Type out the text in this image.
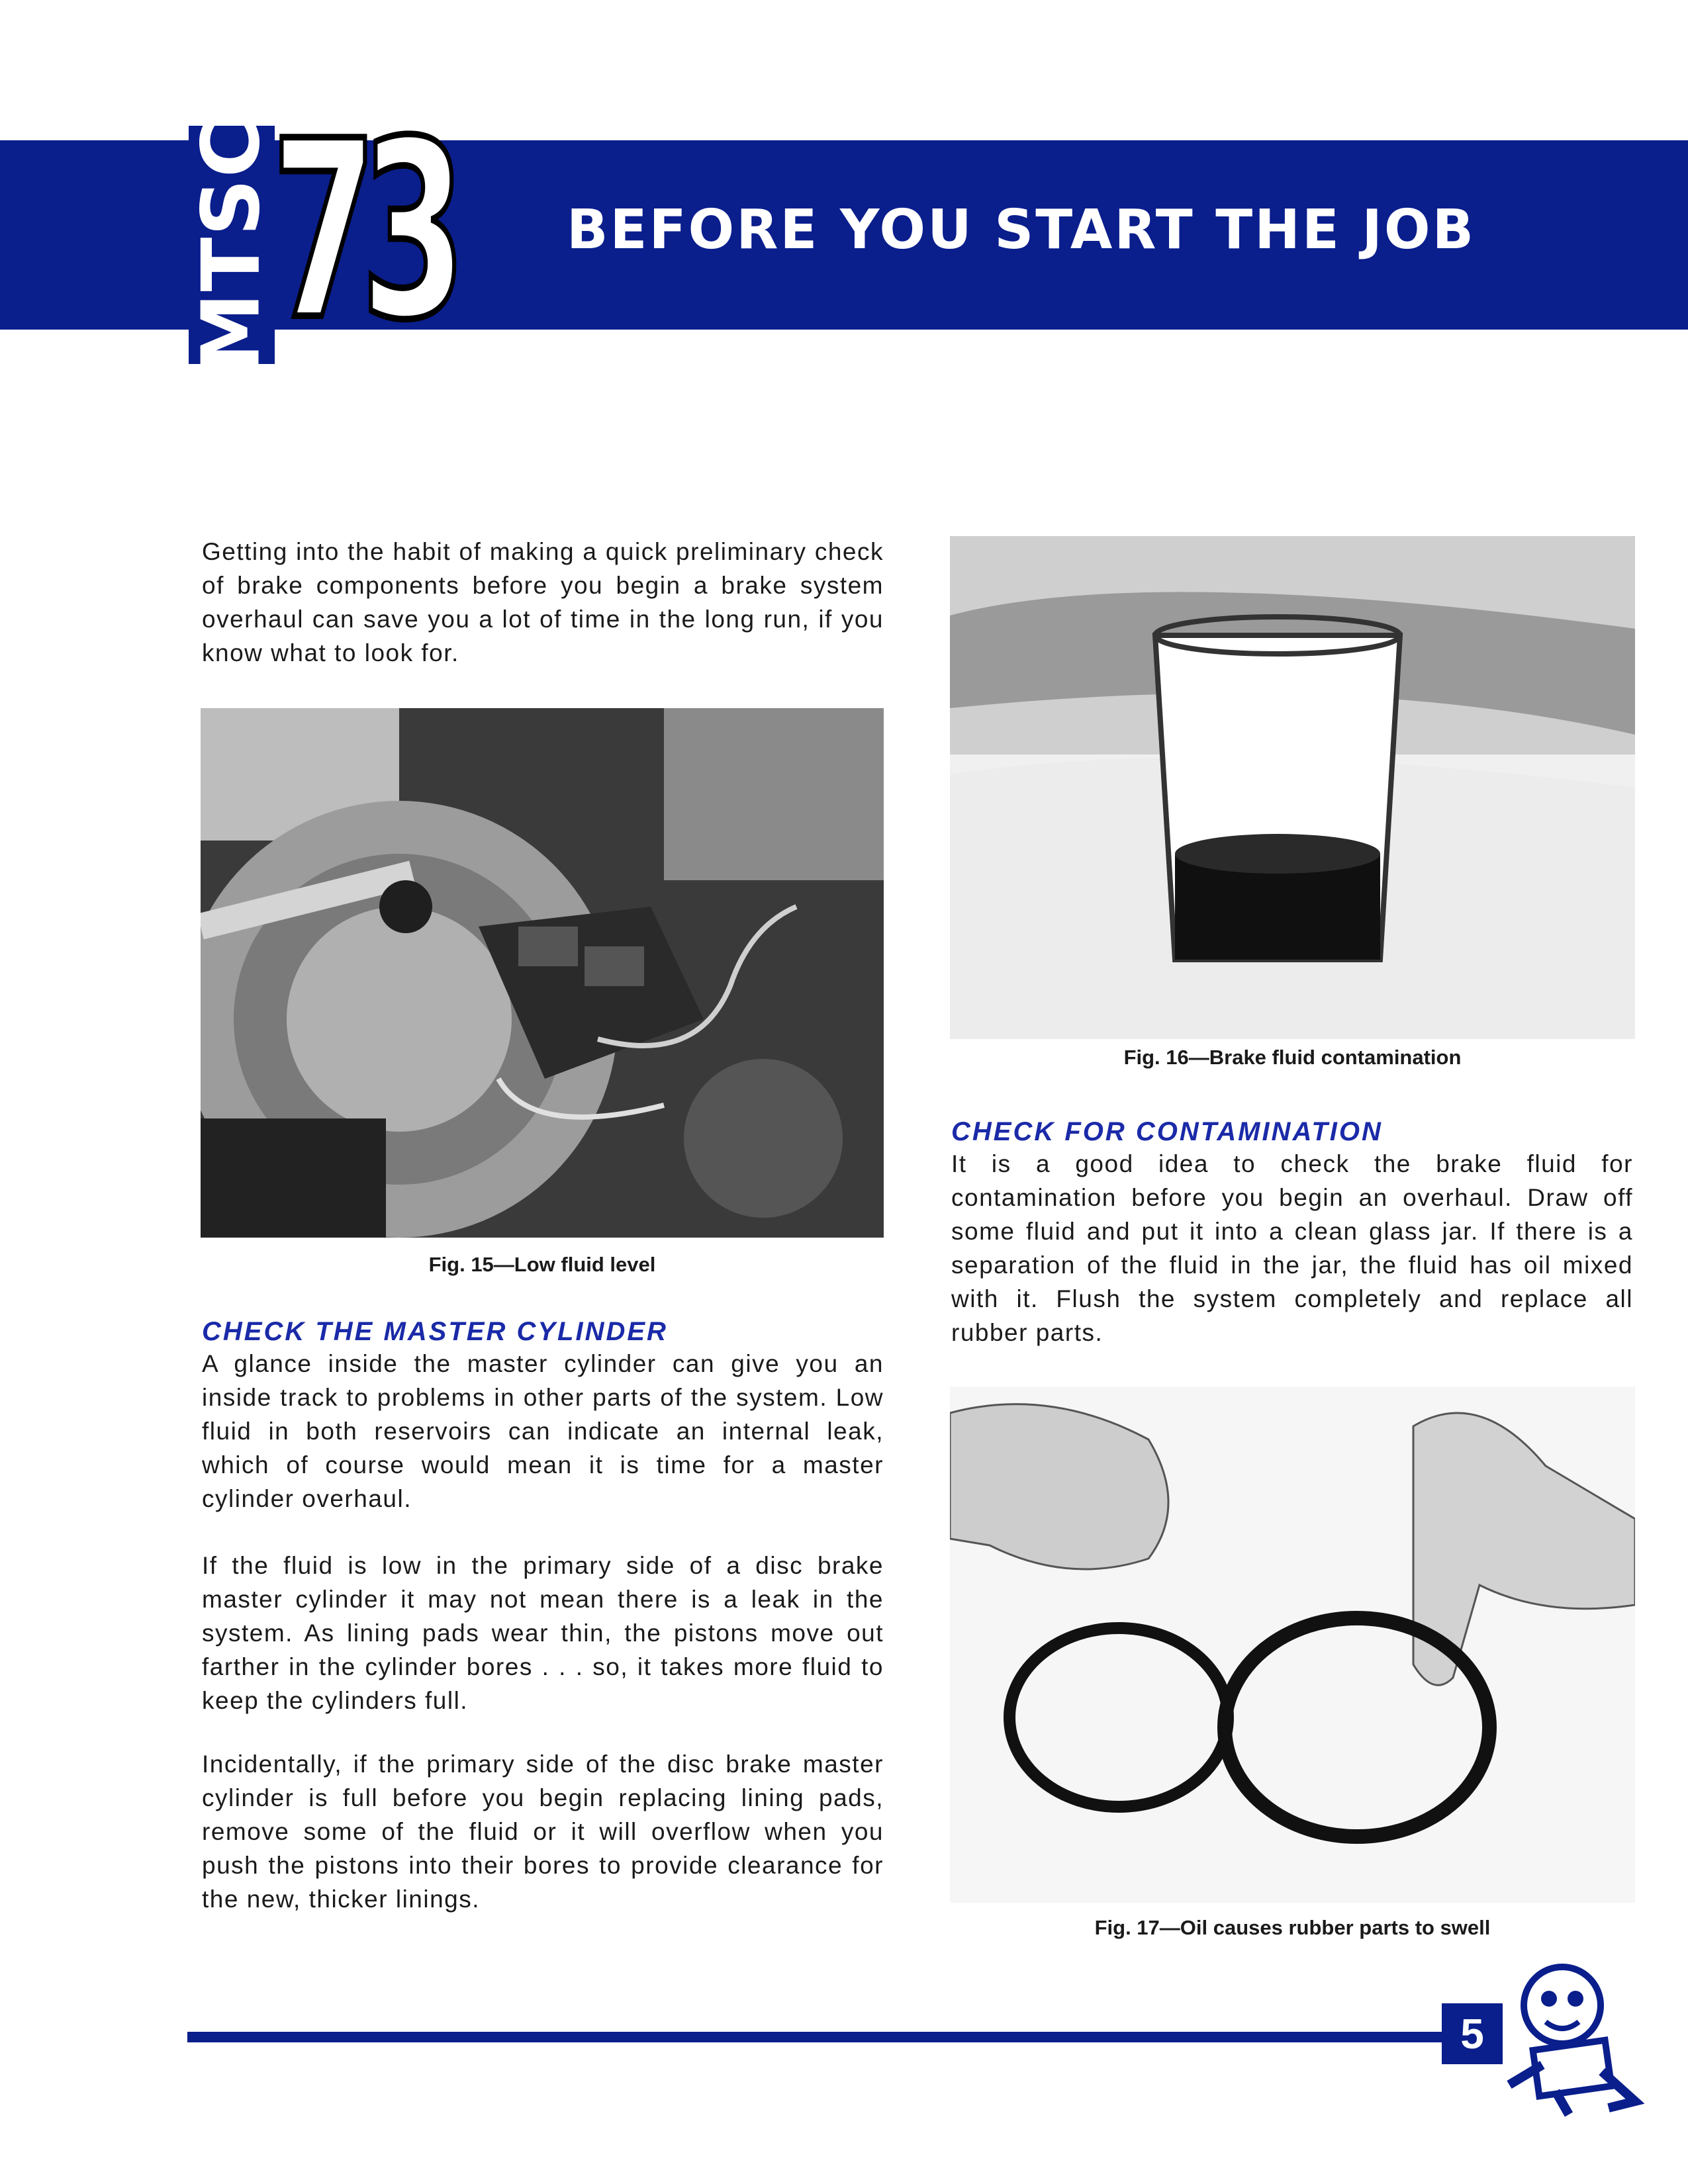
MTSC
73 BEFORE YOU START THE JOB

Getting into the habit of making a quick preliminary check of brake components before you begin a brake system overhaul can save you a lot of time in the long run, if you know what to look for.

Fig. 15—Low fluid level

CHECK THE MASTER CYLINDER

A glance inside the master cylinder can give you an inside track to problems in other parts of the system. Low fluid in both reservoirs can indicate an internal leak, which of course would mean it is time for a master cylinder overhaul.

If the fluid is low in the primary side of a disc brake master cylinder it may not mean there is a leak in the system. As lining pads wear thin, the pistons move out farther in the cylinder bores . . . so, it takes more fluid to keep the cylinders full.

Incidentally, if the primary side of the disc brake master cylinder is full before you begin replacing lining pads, remove some of the fluid or it will overflow when you push the pistons into their bores to provide clearance for the new, thicker linings.

Fig. 16—Brake fluid contamination

CHECK FOR CONTAMINATION

It is a good idea to check the brake fluid for contamination before you begin an overhaul. Draw off some fluid and put it into a clean glass jar. If there is a separation of the fluid in the jar, the fluid has oil mixed with it. Flush the system completely and replace all rubber parts.

Fig. 17—Oil causes rubber parts to swell

5
